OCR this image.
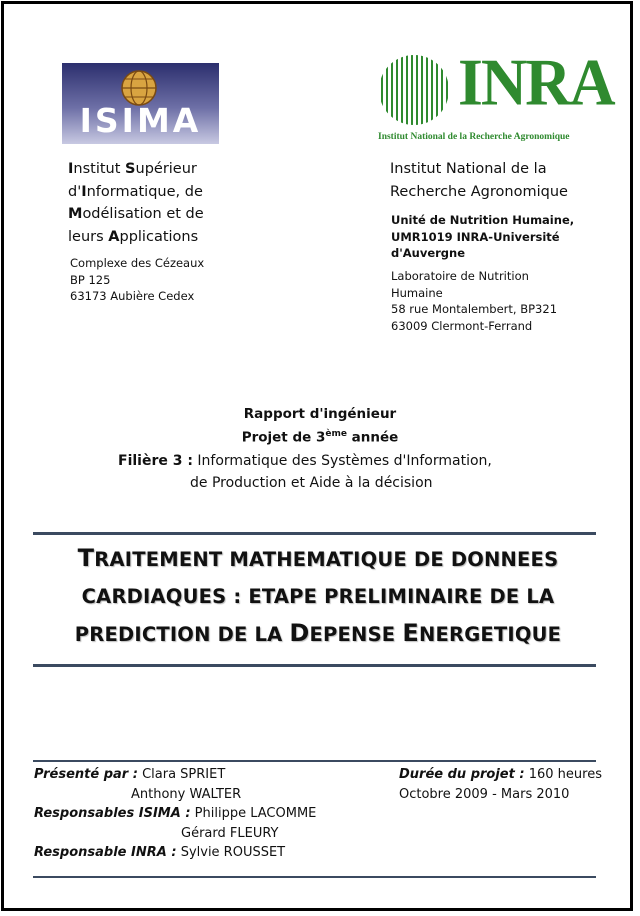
ISIMA
INRA
Institut National de la Recherche Agronomique
Institut Supérieur
d'Informatique, de
Modélisation et de
leurs Applications
Complexe des Cézeaux
BP 125
63173 Aubière Cedex
Institut National de la
Recherche Agronomique
Unité de Nutrition Humaine,
UMR1019 INRA-Université
d'Auvergne
Laboratoire de Nutrition
Humaine
58 rue Montalembert, BP321
63009 Clermont-Ferrand
Rapport d'ingénieur
Projet de 3ème année
Filière 3 : Informatique des Systèmes d'Information,
de Production et Aide à la décision
TRAITEMENT MATHEMATIQUE DE DONNEES
CARDIAQUES : ETAPE PRELIMINAIRE DE LA
PREDICTION DE LA DEPENSE ENERGETIQUE
Présenté par : Clara SPRIET
Anthony WALTER
Responsables ISIMA : Philippe LACOMME
Gérard FLEURY
Responsable INRA : Sylvie ROUSSET
Durée du projet : 160 heures
Octobre 2009 - Mars 2010
